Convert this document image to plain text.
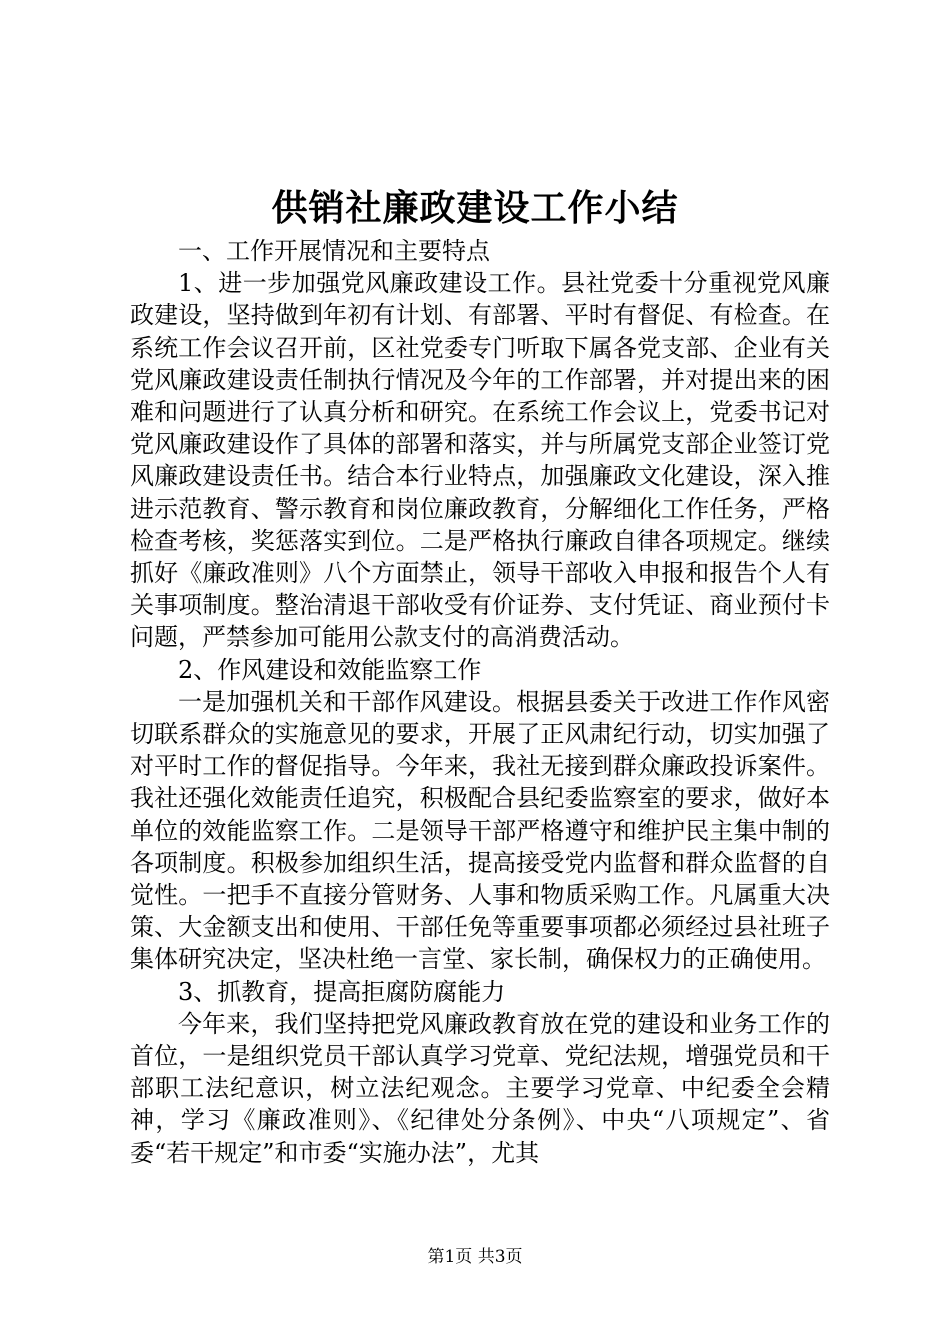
供销社廉政建设工作小结

一、工作开展情况和主要特点

1、进一步加强党风廉政建设工作。县社党委十分重视党风廉政建设，坚持做到年初有计划、有部署、平时有督促、有检查。在系统工作会议召开前，区社党委专门听取下属各党支部、企业有关党风廉政建设责任制执行情况及今年的工作部署，并对提出来的困难和问题进行了认真分析和研究。在系统工作会议上，党委书记对党风廉政建设作了具体的部署和落实，并与所属党支部企业签订党风廉政建设责任书。结合本行业特点，加强廉政文化建设，深入推进示范教育、警示教育和岗位廉政教育，分解细化工作任务，严格检查考核，奖惩落实到位。二是严格执行廉政自律各项规定。继续抓好《廉政准则》八个方面禁止，领导干部收入申报和报告个人有关事项制度。整治清退干部收受有价证券、支付凭证、商业预付卡问题，严禁参加可能用公款支付的高消费活动。

2、作风建设和效能监察工作

一是加强机关和干部作风建设。根据县委关于改进工作作风密切联系群众的实施意见的要求，开展了正风肃纪行动，切实加强了对平时工作的督促指导。今年来，我社无接到群众廉政投诉案件。我社还强化效能责任追究，积极配合县纪委监察室的要求，做好本单位的效能监察工作。二是领导干部严格遵守和维护民主集中制的各项制度。积极参加组织生活，提高接受党内监督和群众监督的自觉性。一把手不直接分管财务、人事和物质采购工作。凡属重大决策、大金额支出和使用、干部任免等重要事项都必须经过县社班子集体研究决定，坚决杜绝一言堂、家长制，确保权力的正确使用。

3、抓教育，提高拒腐防腐能力

今年来，我们坚持把党风廉政教育放在党的建设和业务工作的首位，一是组织党员干部认真学习党章、党纪法规，增强党员和干部职工法纪意识，树立法纪观念。主要学习党章、中纪委全会精神，学习《廉政准则》、《纪律处分条例》、中央“八项规定”、省委“若干规定”和市委“实施办法”，尤其

第1页 共3页
